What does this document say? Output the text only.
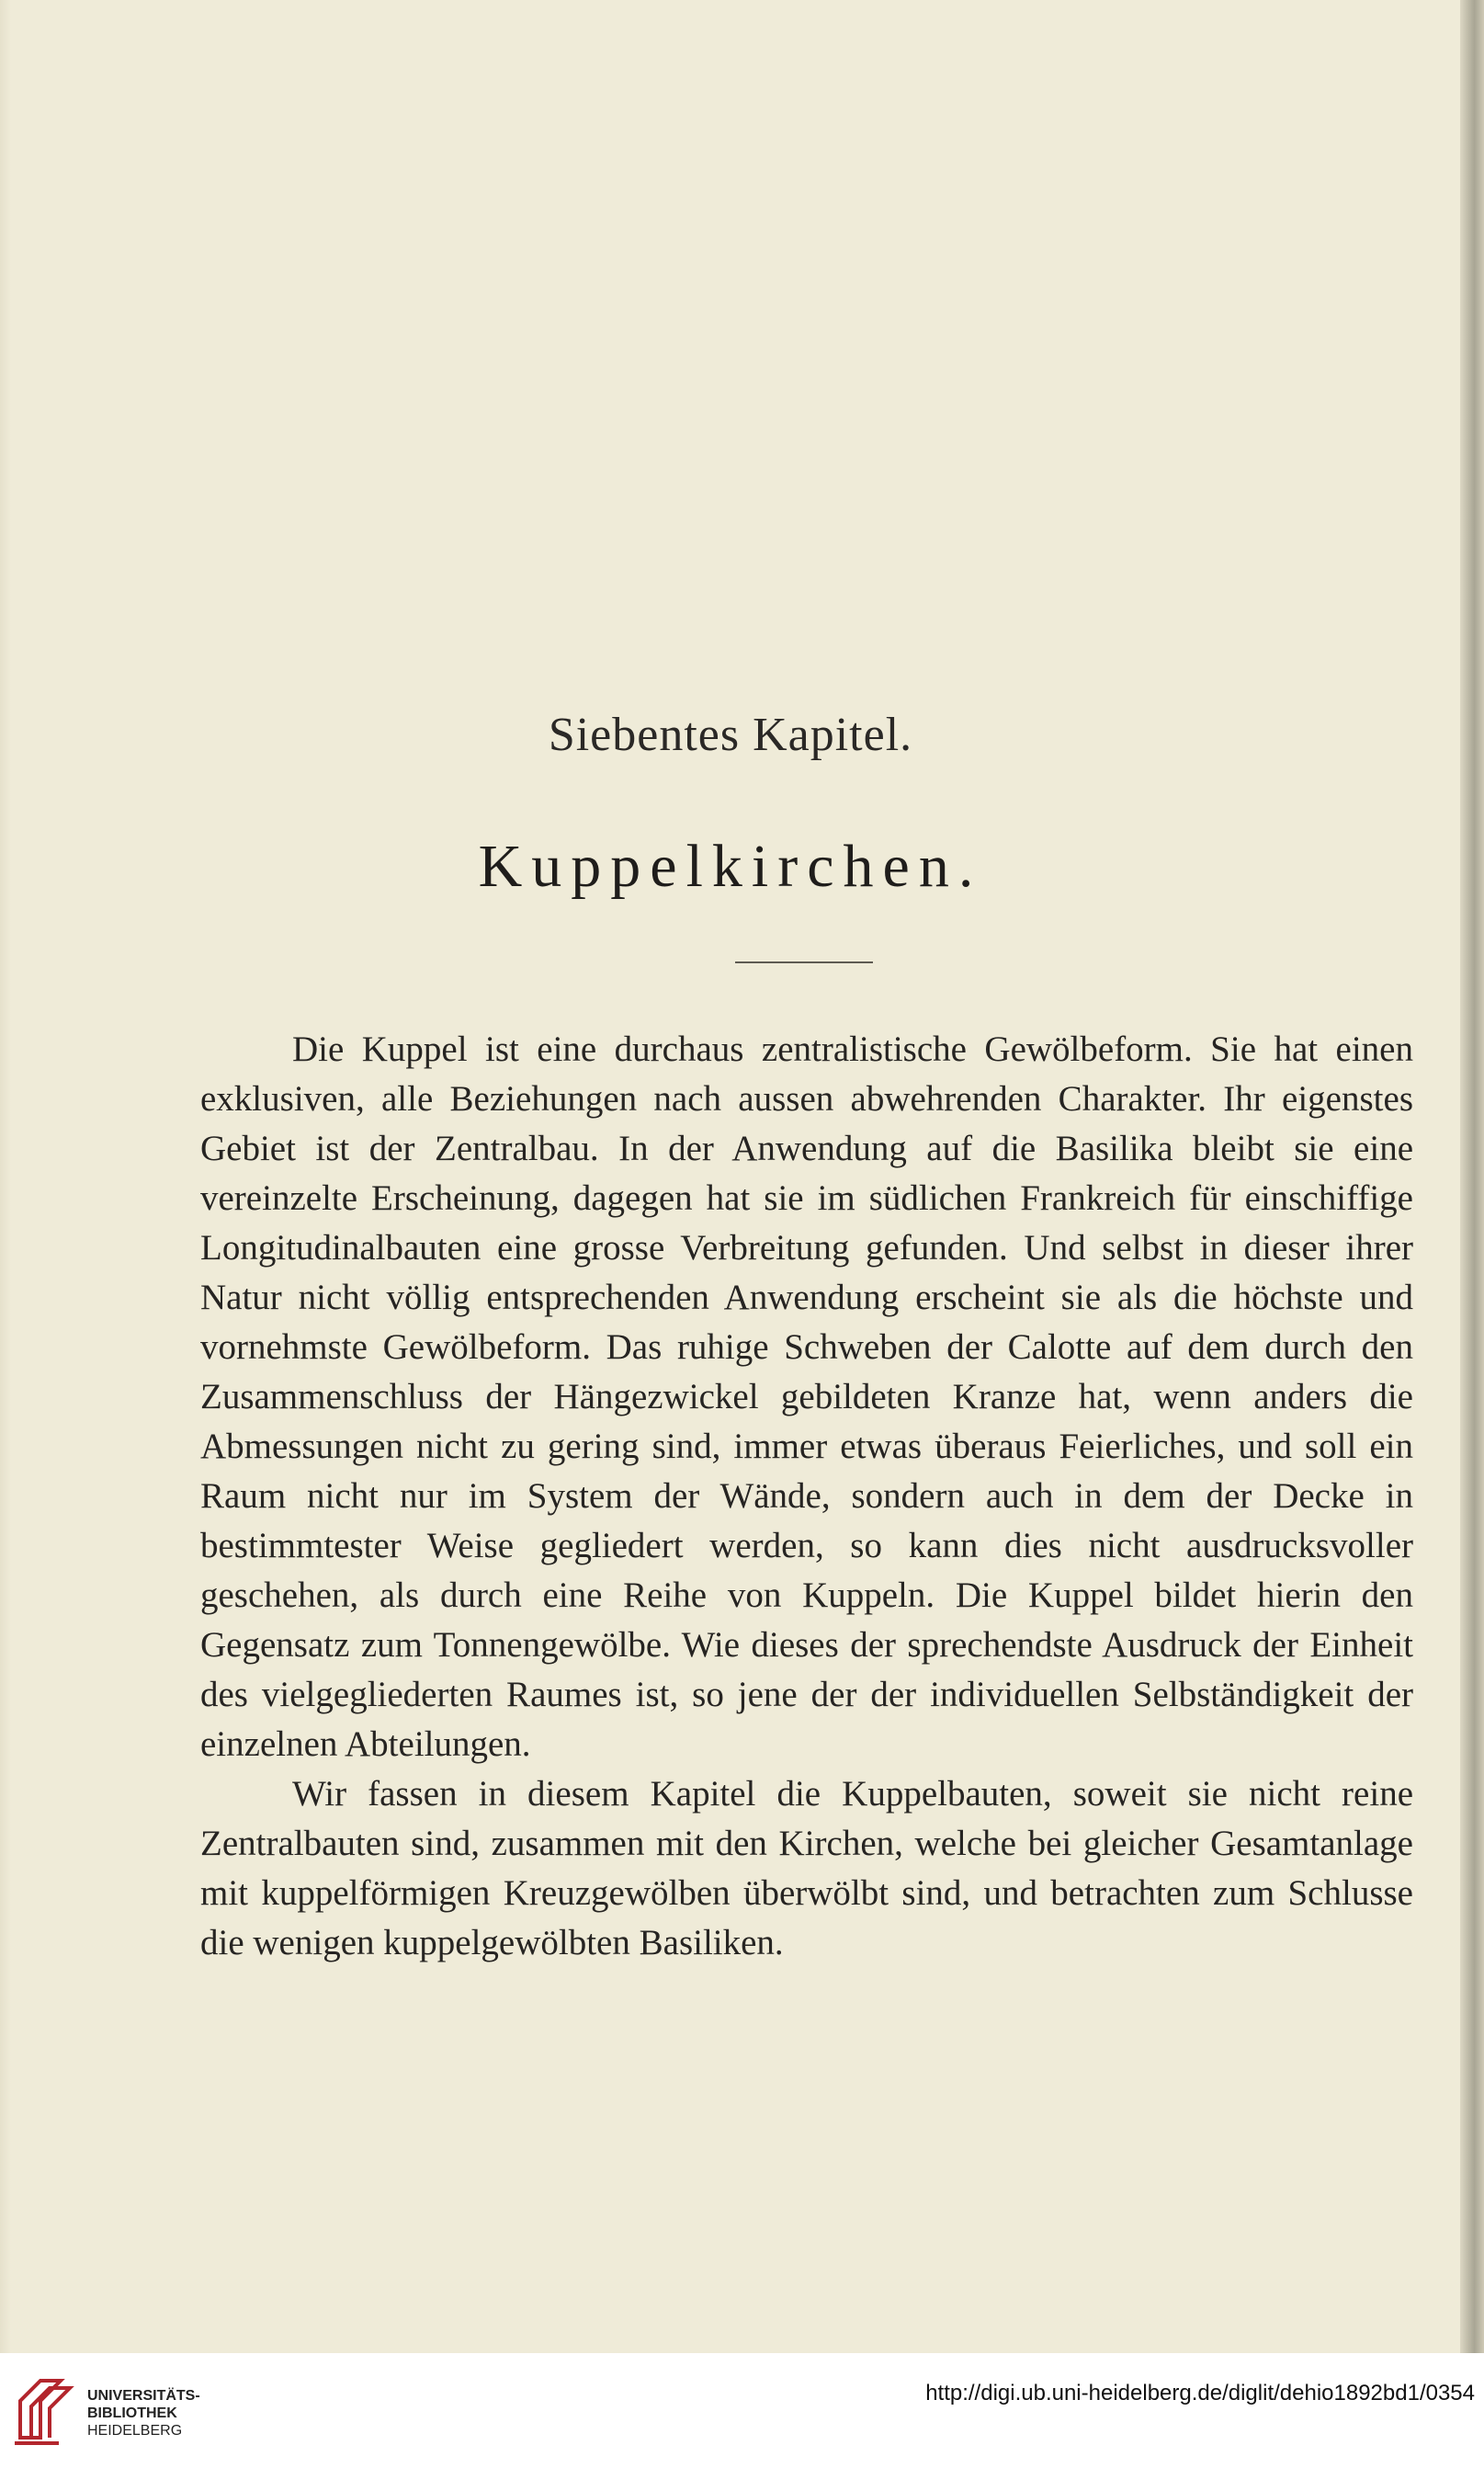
Siebentes Kapitel.
Kuppelkirchen.

Die Kuppel ist eine durchaus zentralistische Gewölbeform. Sie hat einen exklusiven, alle Beziehungen nach aussen abwehrenden Charakter. Ihr eigenstes Gebiet ist der Zentralbau. In der Anwendung auf die Basilika bleibt sie eine vereinzelte Erscheinung, dagegen hat sie im südlichen Frankreich für einschiffige Longitudinalbauten eine grosse Verbreitung gefunden. Und selbst in dieser ihrer Natur nicht völlig entsprechenden Anwendung erscheint sie als die höchste und vornehmste Gewölbeform. Das ruhige Schweben der Calotte auf dem durch den Zusammenschluss der Hängezwickel gebildeten Kranze hat, wenn anders die Abmessungen nicht zu gering sind, immer etwas überaus Feierliches, und soll ein Raum nicht nur im System der Wände, sondern auch in dem der Decke in bestimmtester Weise gegliedert werden, so kann dies nicht ausdrucksvoller geschehen, als durch eine Reihe von Kuppeln. Die Kuppel bildet hierin den Gegensatz zum Tonnengewölbe. Wie dieses der sprechendste Ausdruck der Einheit des vielgegliederten Raumes ist, so jene der der individuellen Selbständigkeit der einzelnen Abteilungen.

Wir fassen in diesem Kapitel die Kuppelbauten, soweit sie nicht reine Zentralbauten sind, zusammen mit den Kirchen, welche bei gleicher Gesamtanlage mit kuppelförmigen Kreuzgewölben überwölbt sind, und betrachten zum Schlusse die wenigen kuppelgewölbten Basiliken.

UNIVERSITÄTS-
BIBLIOTHEK
HEIDELBERG
http://digi.ub.uni-heidelberg.de/diglit/dehio1892bd1/0354
